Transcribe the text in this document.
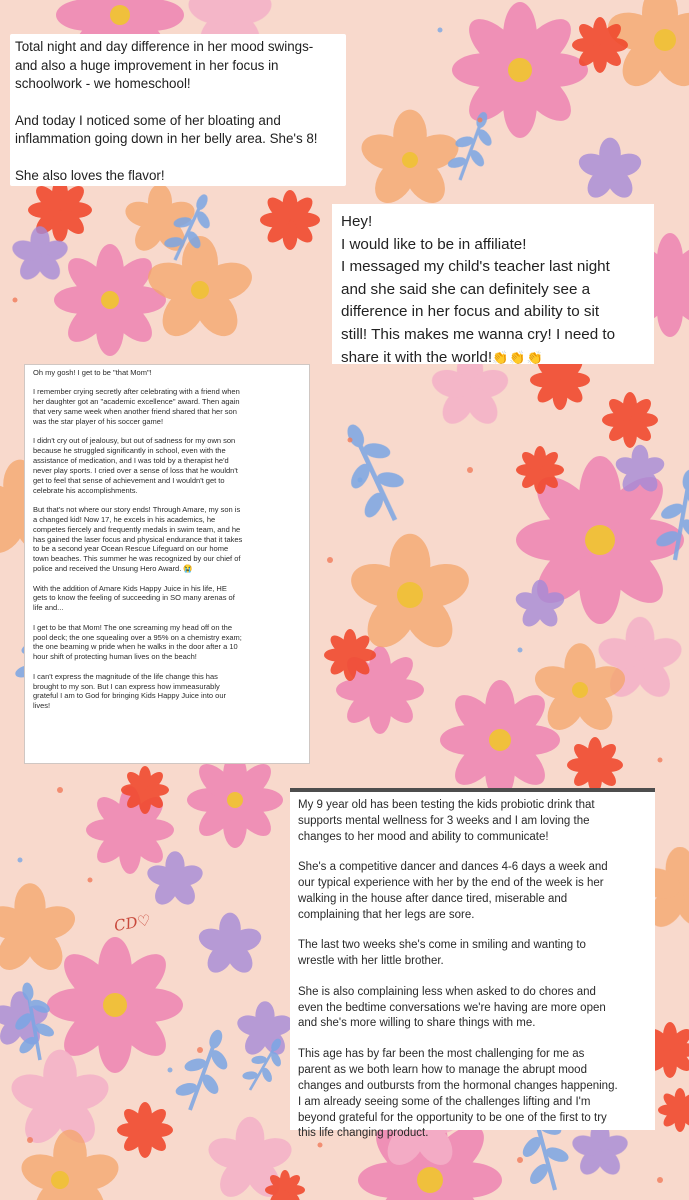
Total night and day difference in her mood swings-
and also a huge improvement in her focus in
schoolwork - we homeschool!

And today I noticed some of her bloating and
inflammation going down in her belly area. She's 8!

She also loves the flavor!

Hey!
I would like to be in affiliate!
I messaged my child's teacher last night
and she said she can definitely see a
difference in her focus and ability to sit
still! This makes me wanna cry! I need to
share it with the world!👏👏👏

Oh my gosh! I get to be "that Mom"!

I remember crying secretly after celebrating with a friend when
her daughter got an "academic excellence" award. Then again
that very same week when another friend shared that her son
was the star player of his soccer game!

I didn't cry out of jealousy, but out of sadness for my own son
because he struggled significantly in school, even with the
assistance of medication, and I was told by a therapist he'd
never play sports. I cried over a sense of loss that he wouldn't
get to feel that sense of achievement and I wouldn't get to
celebrate his accomplishments.

But that's not where our story ends! Through Amare, my son is
a changed kid! Now 17, he excels in his academics, he
competes fiercely and frequently medals in swim team, and he
has gained the laser focus and physical endurance that it takes
to be a second year Ocean Rescue Lifeguard on our home
town beaches. This summer he was recognized by our chief of
police and received the Unsung Hero Award. 😭

With the addition of Amare Kids Happy Juice in his life, HE
gets to know the feeling of succeeding in SO many arenas of
life and...

I get to be that Mom! The one screaming my head off on the
pool deck; the one squealing over a 95% on a chemistry exam;
the one beaming w pride when he walks in the door after a 10
hour shift of protecting human lives on the beach!

I can't express the magnitude of the life change this has
brought to my son. But I can express how immeasurably
grateful I am to God for bringing Kids Happy Juice into our
lives!

My 9 year old has been testing the kids probiotic drink that
supports mental wellness for 3 weeks and I am loving the
changes to her mood and ability to communicate!

She's a competitive dancer and dances 4-6 days a week and
our typical experience with her by the end of the week is her
walking in the house after dance tired, miserable and
complaining that her legs are sore.

The last two weeks she's come in smiling and wanting to
wrestle with her little brother.

She is also complaining less when asked to do chores and
even the bedtime conversations we're having are more open
and she's more willing to share things with me.

This age has by far been the most challenging for me as
parent as we both learn how to manage the abrupt mood
changes and outbursts from the hormonal changes happening.
I am already seeing some of the challenges lifting and I'm
beyond grateful for the opportunity to be one of the first to try
this life changing product.

CD♡
